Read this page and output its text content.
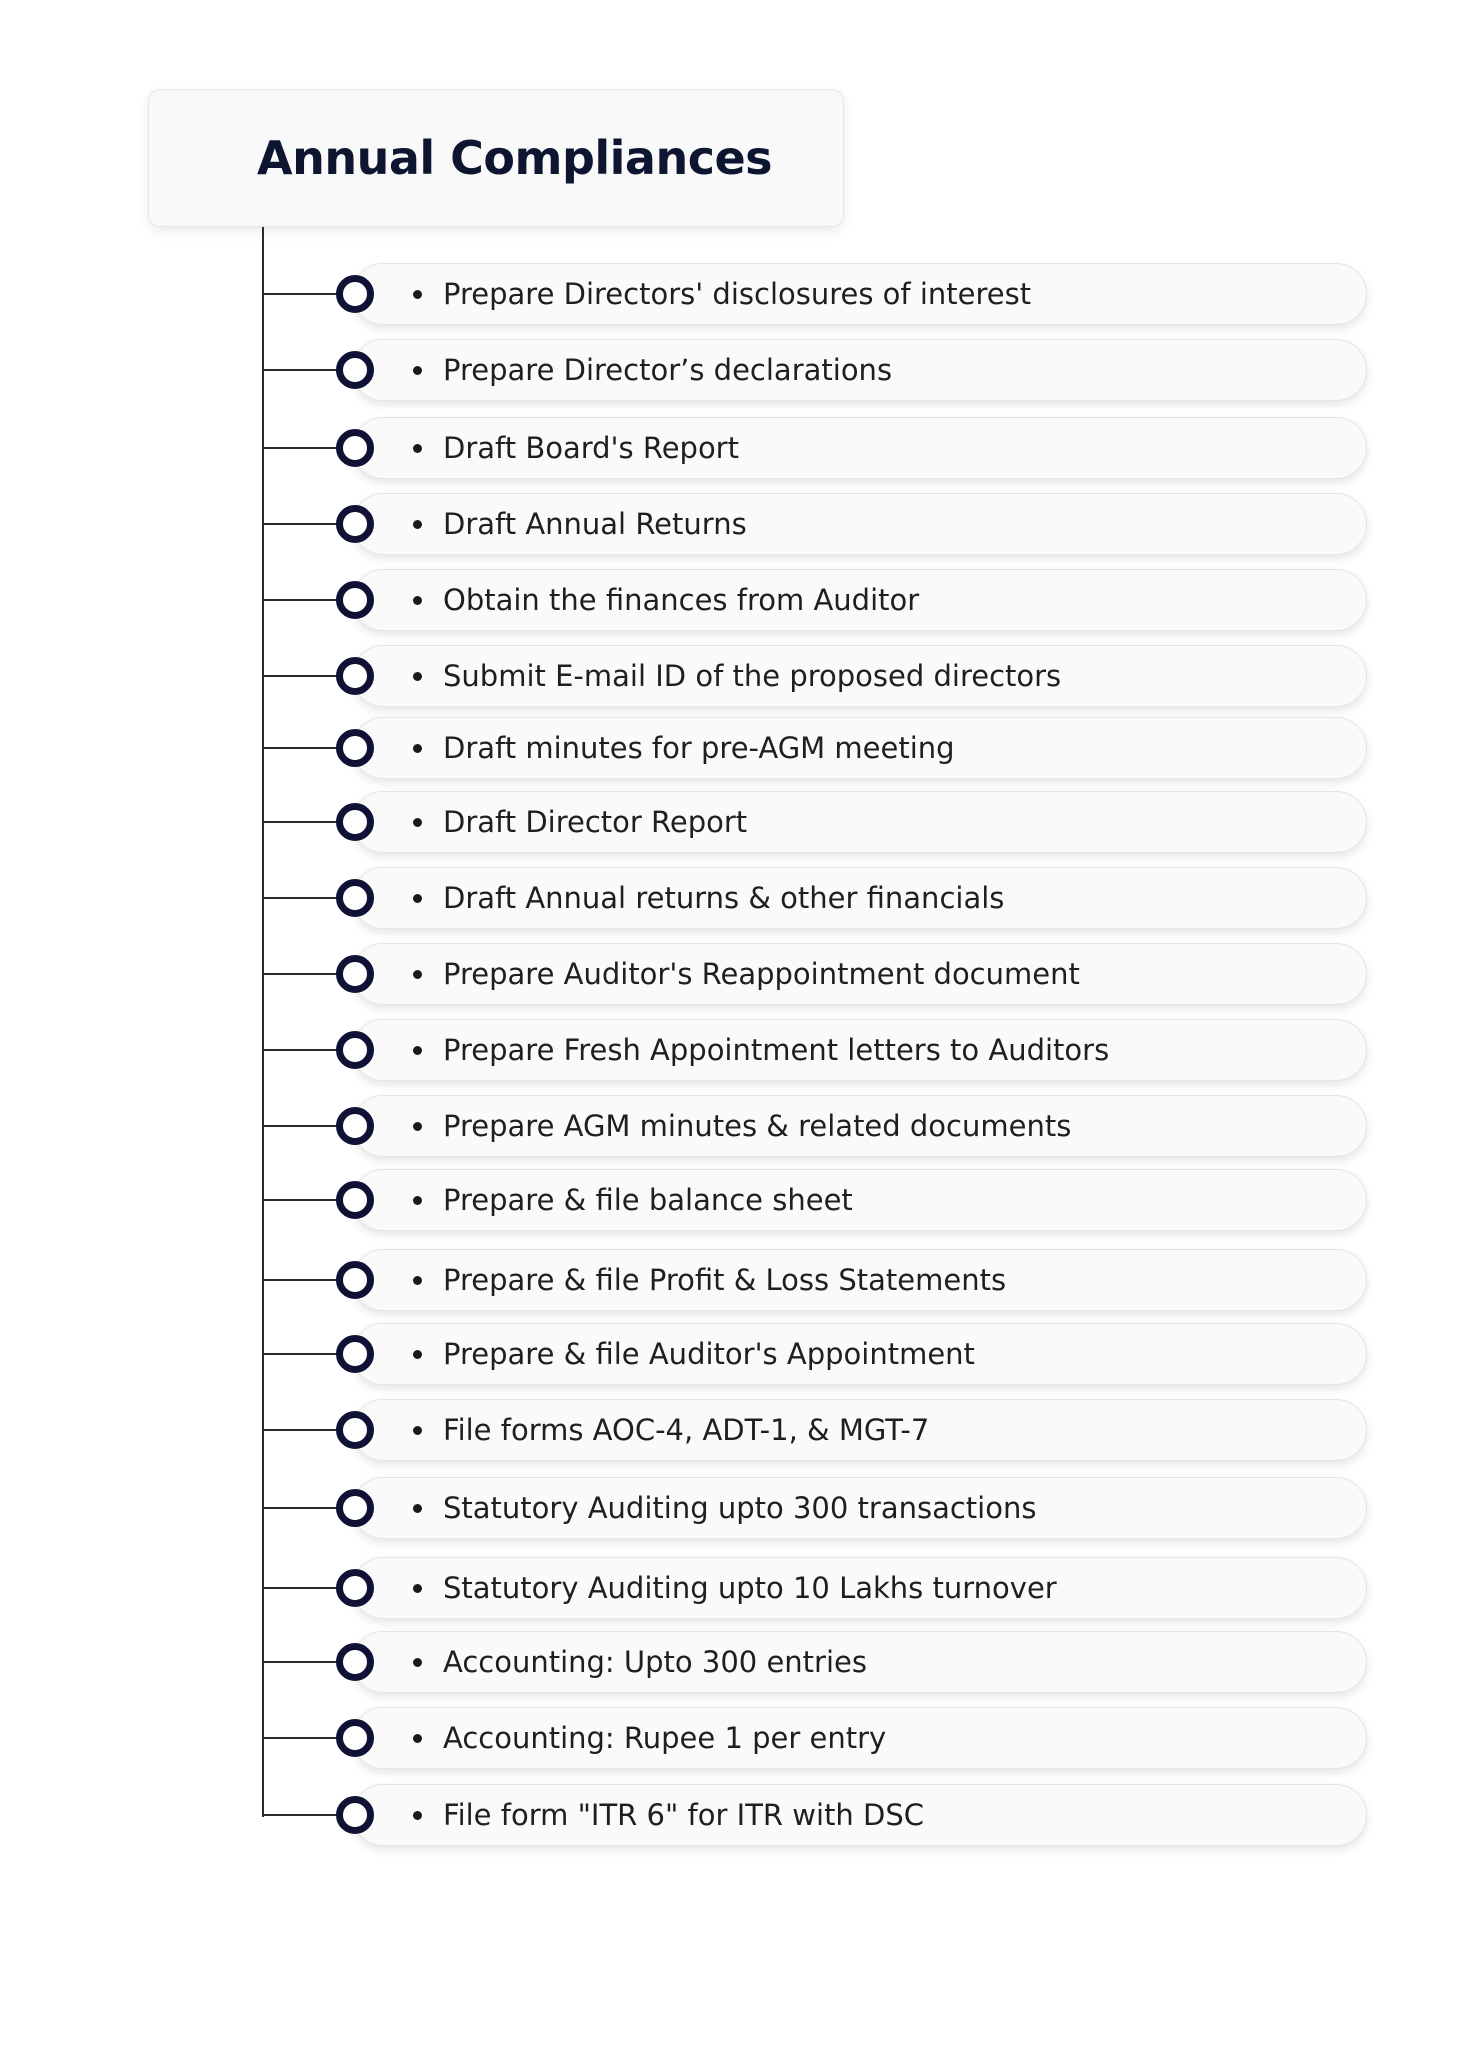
Annual Compliances
Prepare Directors' disclosures of interest
Prepare Director’s declarations
Draft Board's Report
Draft Annual Returns
Obtain the finances from Auditor
Submit E-mail ID of the proposed directors
Draft minutes for pre-AGM meeting
Draft Director Report
Draft Annual returns & other financials
Prepare Auditor's Reappointment document
Prepare Fresh Appointment letters to Auditors
Prepare AGM minutes & related documents
Prepare & file balance sheet
Prepare & file Profit & Loss Statements
Prepare & file Auditor's Appointment
File forms AOC-4, ADT-1, & MGT-7
Statutory Auditing upto 300 transactions
Statutory Auditing upto 10 Lakhs turnover
Accounting: Upto 300 entries
Accounting: Rupee 1 per entry
File form "ITR 6" for ITR with DSC
